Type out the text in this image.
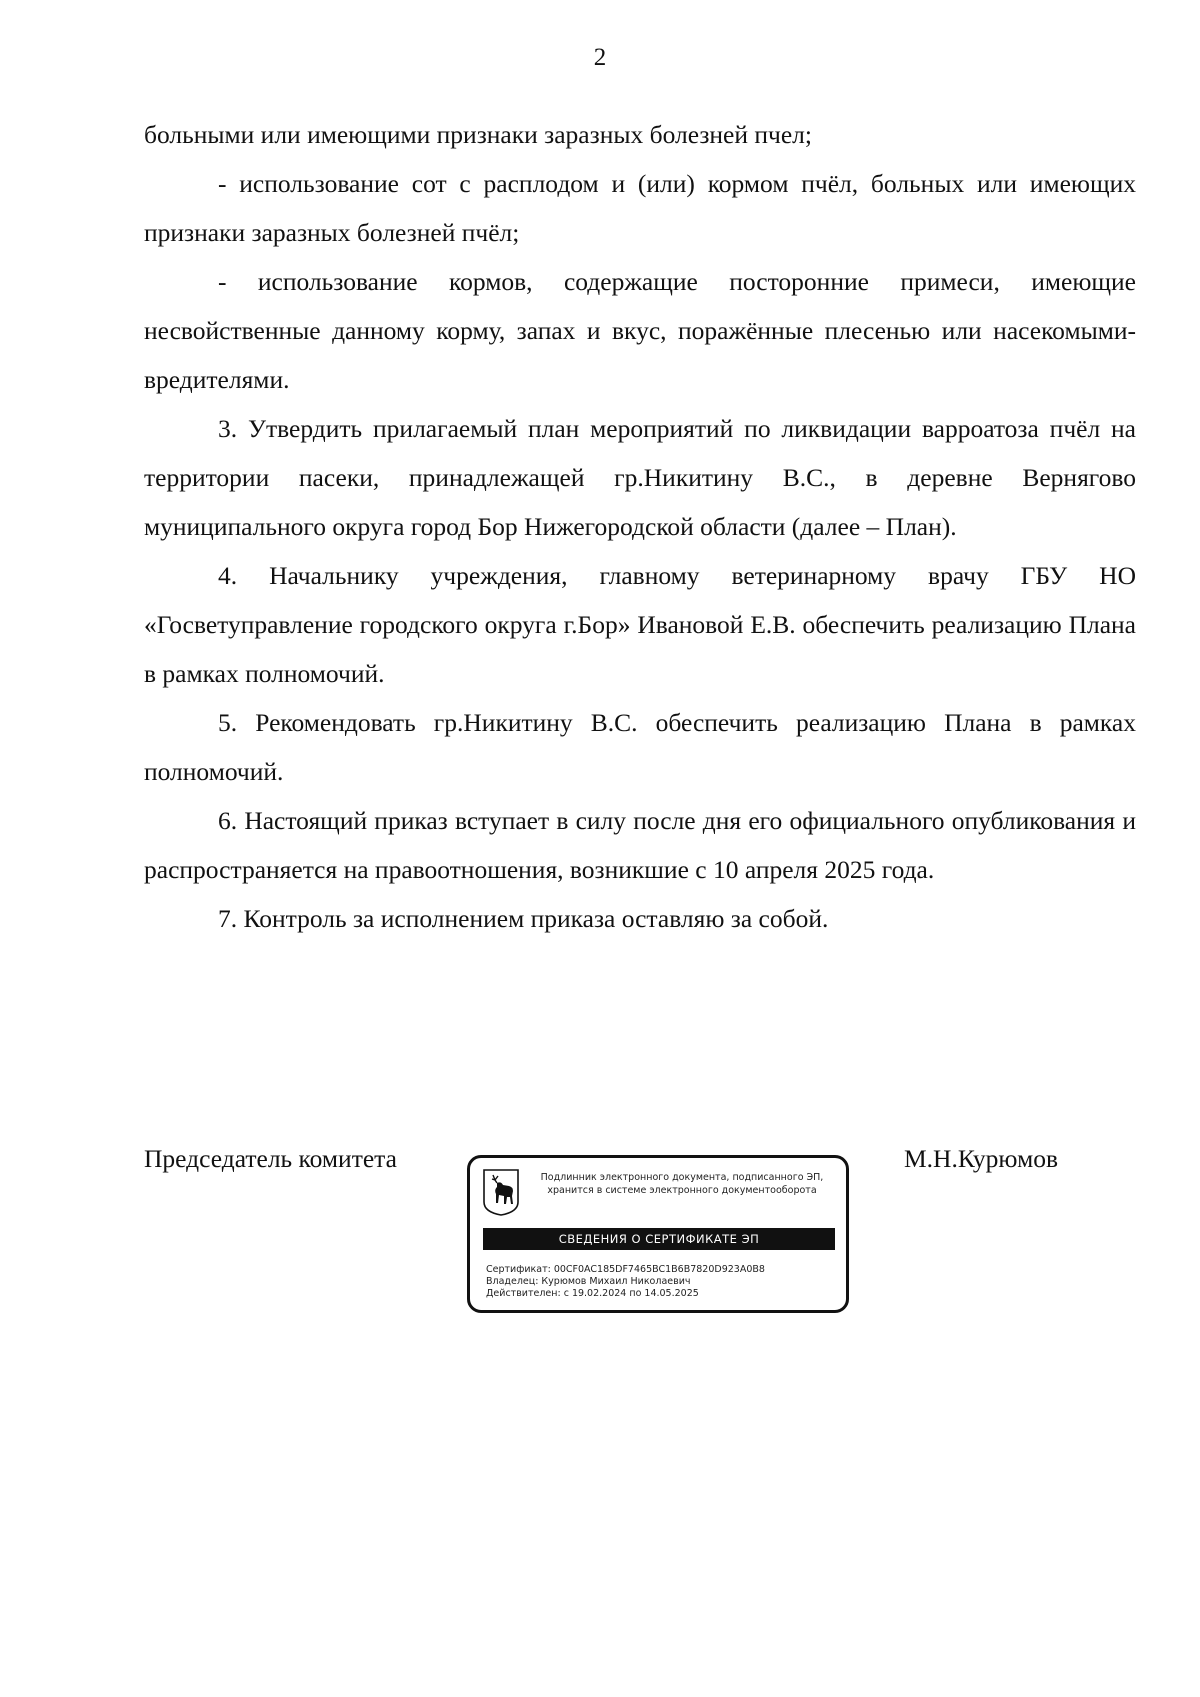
2

больными или имеющими признаки заразных болезней пчел;

- использование сот с расплодом и (или) кормом пчёл, больных или имеющих признаки заразных болезней пчёл;

- использование кормов, содержащие посторонние примеси, имеющие несвойственные данному корму, запах и вкус, поражённые плесенью или насекомыми-вредителями.

3. Утвердить прилагаемый план мероприятий по ликвидации варроатоза пчёл на территории пасеки, принадлежащей гр.Никитину В.С., в деревне Вернягово муниципального округа город Бор Нижегородской области (далее – План).

4. Начальнику учреждения, главному ветеринарному врачу ГБУ НО «Госветуправление городского округа г.Бор» Ивановой Е.В. обеспечить реализацию Плана в рамках полномочий.

5. Рекомендовать гр.Никитину В.С. обеспечить реализацию Плана в рамках полномочий.

6. Настоящий приказ вступает в силу после дня его официального опубликования и распространяется на правоотношения, возникшие с 10 апреля 2025 года.

7. Контроль за исполнением приказа оставляю за собой.

Председатель комитета	М.Н.Курюмов
Подлинник электронного документа, подписанного ЭП,
хранится в системе электронного документооборота
СВЕДЕНИЯ О СЕРТИФИКАТЕ ЭП
Сертификат: 00CF0AC185DF7465BC1B6B7820D923A0B8
Владелец: Курюмов Михаил Николаевич
Действителен: с 19.02.2024 по 14.05.2025
